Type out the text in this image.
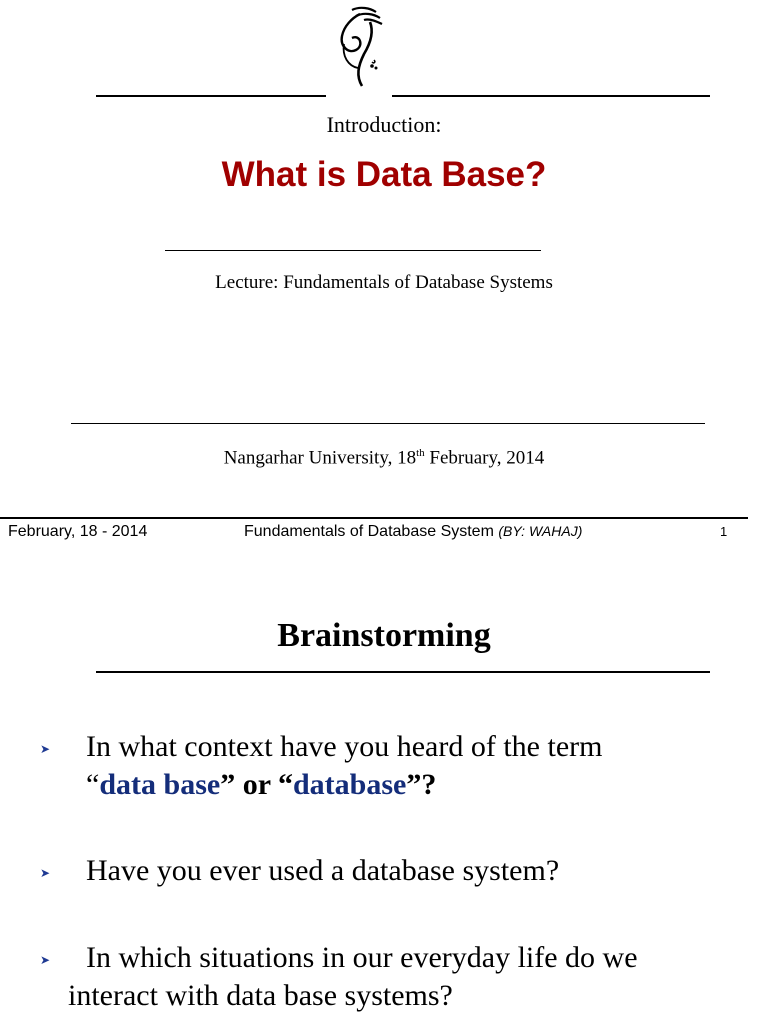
Introduction:
What is Data Base?
Lecture: Fundamentals of Database Systems
Nangarhar University, 18th February, 2014
February, 18 - 2014	Fundamentals of Database System (BY: WAHAJ)	1
Brainstorming
➤	In what context have you heard of the term
“data base” or “database”?
➤	Have you ever used a database system?
➤	In which situations in our everyday life do we
interact with data base systems?
